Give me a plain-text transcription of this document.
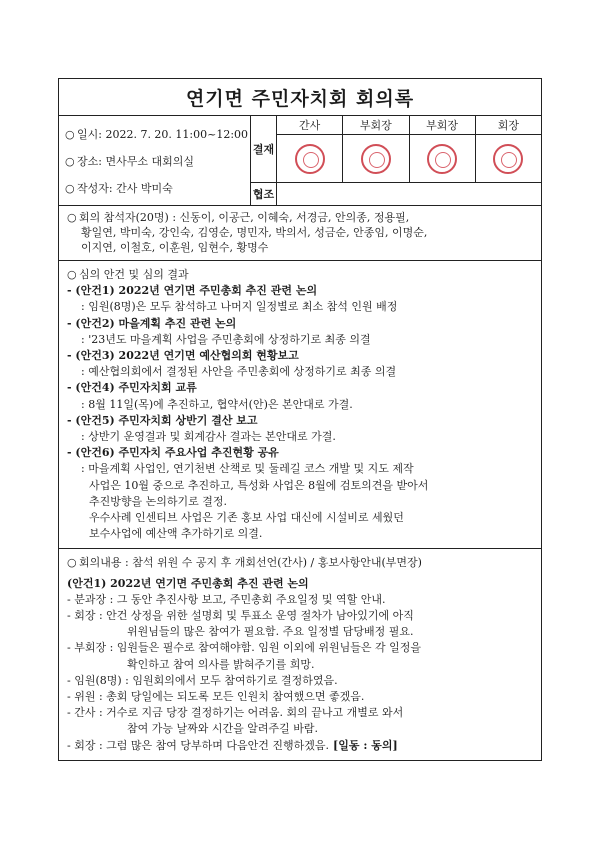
연기면 주민자치회 회의록
○ 일시: 2022. 7. 20. 11:00~12:00
○ 장소: 면사무소 대회의실
○ 작성자: 간사 박미숙
결재
간사	부회장	부회장	회장
협조
○ 회의 참석자(20명) : 신동이, 이공근, 이혜숙, 서경금, 안의종, 정용필,
황일연, 박미숙, 강인숙, 김영순, 명민자, 박의서, 성금순, 안종임, 이명순,
이지연, 이철호, 이훈원, 임현수, 황명수
○ 심의 안건 및 심의 결과
- (안건1) 2022년 연기면 주민총회 추진 관련 논의
: 임원(8명)은 모두 참석하고 나머지 일정별로 최소 참석 인원 배정
- (안건2) 마을계획 추진 관련 논의
: '23년도 마을계획 사업을 주민총회에 상정하기로 최종 의결
- (안건3) 2022년 연기면 예산협의회 현황보고
: 예산협의회에서 결정된 사안을 주민총회에 상정하기로 최종 의결
- (안건4) 주민자치회 교류
: 8월 11일(목)에 추진하고, 협약서(안)은 본안대로 가결.
- (안건5) 주민자치회 상반기 결산 보고
: 상반기 운영결과 및 회계감사 결과는 본안대로 가결.
- (안건6) 주민자치 주요사업 추진현황 공유
: 마을계획 사업인, 연기천변 산책로 및 둘레길 코스 개발 및 지도 제작
사업은 10월 중으로 추진하고, 특성화 사업은 8월에 검토의견을 받아서
추진방향을 논의하기로 결정.
우수사례 인센티브 사업은 기존 홍보 사업 대신에 시설비로 세웠던
보수사업에 예산액 추가하기로 의결.
○ 회의내용 : 참석 위원 수 공지 후 개회선언(간사) / 홍보사항안내(부면장)
(안건1) 2022년 연기면 주민총회 추진 관련 논의
- 분과장 : 그 동안 추진사항 보고, 주민총회 주요일정 및 역할 안내.
- 회장 : 안건 상정을 위한 설명회 및 투표소 운영 절차가 남아있기에 아직
위원님들의 많은 참여가 필요함. 주요 일정별 담당배정 필요.
- 부회장 : 임원들은 필수로 참여해야함. 임원 이외에 위원님들은 각 일정을
확인하고 참여 의사를 밝혀주기를 희망.
- 임원(8명) : 임원회의에서 모두 참여하기로 결정하였음.
- 위원 : 총회 당일에는 되도록 모든 인원치 참여했으면 좋겠음.
- 간사 : 거수로 지금 당장 결정하기는 어려움. 회의 끝나고 개별로 와서
참여 가능 날짜와 시간을 알려주길 바람.
- 회장 : 그럼 많은 참여 당부하며 다음안건 진행하겠음. [일동 : 동의]
